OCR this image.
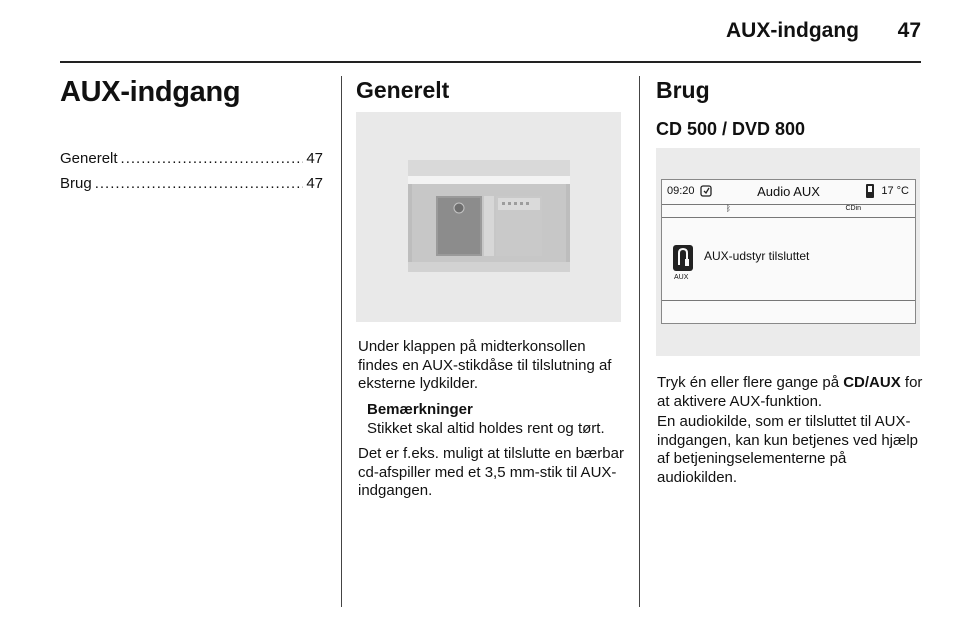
AUX-indgang	47
AUX-indgang
Generelt .....	47
Brug .....	47
Generelt
Under klappen på midterkonsollen findes en AUX-stikdåse til tilslutning af eksterne lydkilder.
Bemærkninger
Stikket skal altid holdes rent og tørt.
Det er f.eks. muligt at tilslutte en bærbar cd-afspiller med et 3,5 mm-stik til AUX-indgangen.
Brug
CD 500 / DVD 800
09:20	Audio AUX	17 °C
ᛒ	CDin
AUX-udstyr tilsluttet
AUX
Tryk én eller flere gange på CD/AUX for at aktivere AUX-funktion.
En audiokilde, som er tilsluttet til AUX-indgangen, kan kun betjenes ved hjælp af betjeningselementerne på audiokilden.
